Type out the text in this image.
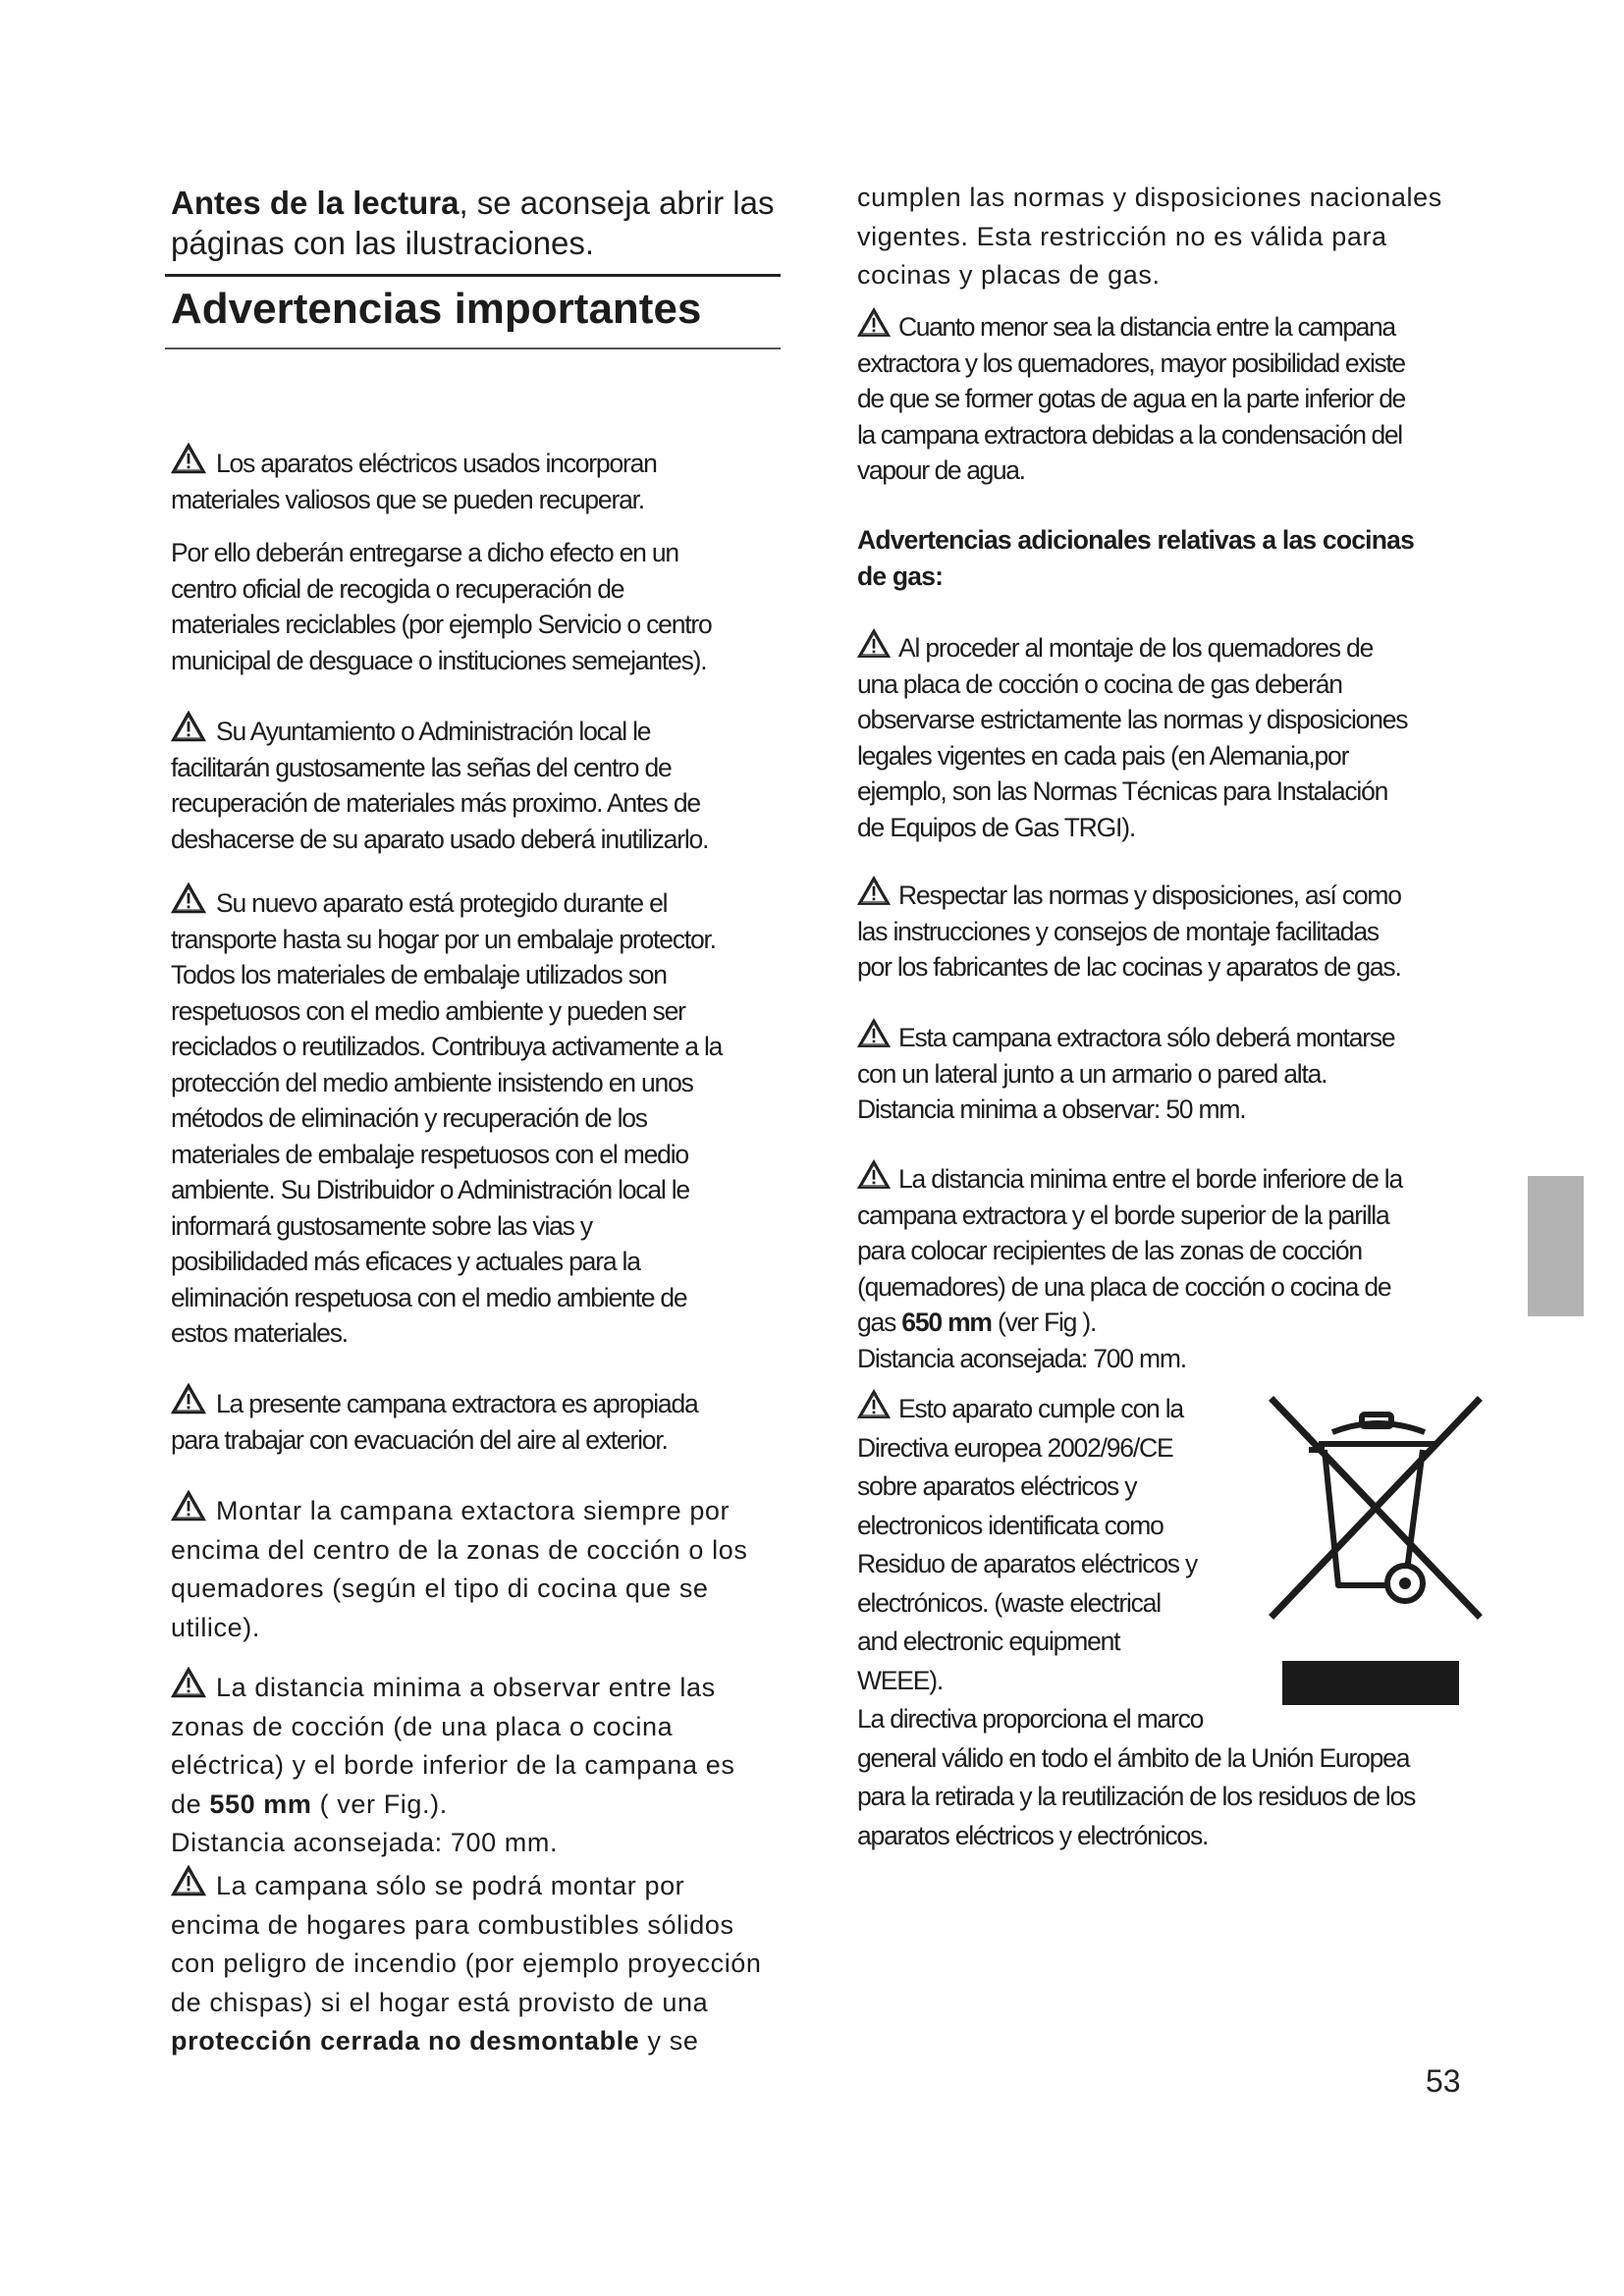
Antes de la lectura, se aconseja abrir las
páginas con las ilustraciones.

Advertencias importantes

Los aparatos eléctricos usados incorporan
materiales valiosos que se pueden recuperar.

Por ello deberán entregarse a dicho efecto en un
centro oficial de recogida o recuperación de
materiales reciclables (por ejemplo Servicio o centro
municipal de desguace o instituciones semejantes).

Su Ayuntamiento o Administración local le
facilitarán gustosamente las señas del centro de
recuperación de materiales más proximo. Antes de
deshacerse de su aparato usado deberá inutilizarlo.

Su nuevo aparato está protegido durante el
transporte hasta su hogar por un embalaje protector.
Todos los materiales de embalaje utilizados son
respetuosos con el medio ambiente y pueden ser
reciclados o reutilizados. Contribuya activamente a la
protección del medio ambiente insistendo en unos
métodos de eliminación y recuperación de los
materiales de embalaje respetuosos con el medio
ambiente. Su Distribuidor o Administración local le
informará gustosamente sobre las vias y
posibilidaded más eficaces y actuales para la
eliminación respetuosa con el medio ambiente de
estos materiales.

La presente campana extractora es apropiada
para trabajar con evacuación del aire al exterior.

Montar la campana extactora siempre por
encima del centro de la zonas de cocción o los
quemadores (según el tipo di cocina que se
utilice).

La distancia minima a observar entre las
zonas de cocción (de una placa o cocina
eléctrica) y el borde inferior de la campana es
de 550 mm ( ver Fig.).
Distancia aconsejada: 700 mm.

La campana sólo se podrá montar por
encima de hogares para combustibles sólidos
con peligro de incendio (por ejemplo proyección
de chispas) si el hogar está provisto de una
protección cerrada no desmontable y se

cumplen las normas y disposiciones nacionales
vigentes. Esta restricción no es válida para
cocinas y placas de gas.

Cuanto menor sea la distancia entre la campana
extractora y los quemadores, mayor posibilidad existe
de que se former gotas de agua en la parte inferior de
la campana extractora debidas a la condensación del
vapour de agua.

Advertencias adicionales relativas a las cocinas
de gas:

Al proceder al montaje de los quemadores de
una placa de cocción o cocina de gas deberán
observarse estrictamente las normas y disposiciones
legales vigentes en cada pais (en Alemania,por
ejemplo, son las Normas Técnicas para Instalación
de Equipos de Gas TRGI).

Respectar las normas y disposiciones, así como
las instrucciones y consejos de montaje facilitadas
por los fabricantes de lac cocinas y aparatos de gas.

Esta campana extractora sólo deberá montarse
con un lateral junto a un armario o pared alta.
Distancia minima a observar: 50 mm.

La distancia minima entre el borde inferiore de la
campana extractora y el borde superior de la parilla
para colocar recipientes de las zonas de cocción
(quemadores) de una placa de cocción o cocina de
gas 650 mm (ver Fig ).
Distancia aconsejada: 700 mm.

Esto aparato cumple con la
Directiva europea 2002/96/CE
sobre aparatos eléctricos y
electronicos identificata como
Residuo de aparatos eléctricos y
electrónicos. (waste electrical
and electronic equipment
WEEE).
La directiva proporciona el marco
general válido en todo el ámbito de la Unión Europea
para la retirada y la reutilización de los residuos de los
aparatos eléctricos y electrónicos.

53
